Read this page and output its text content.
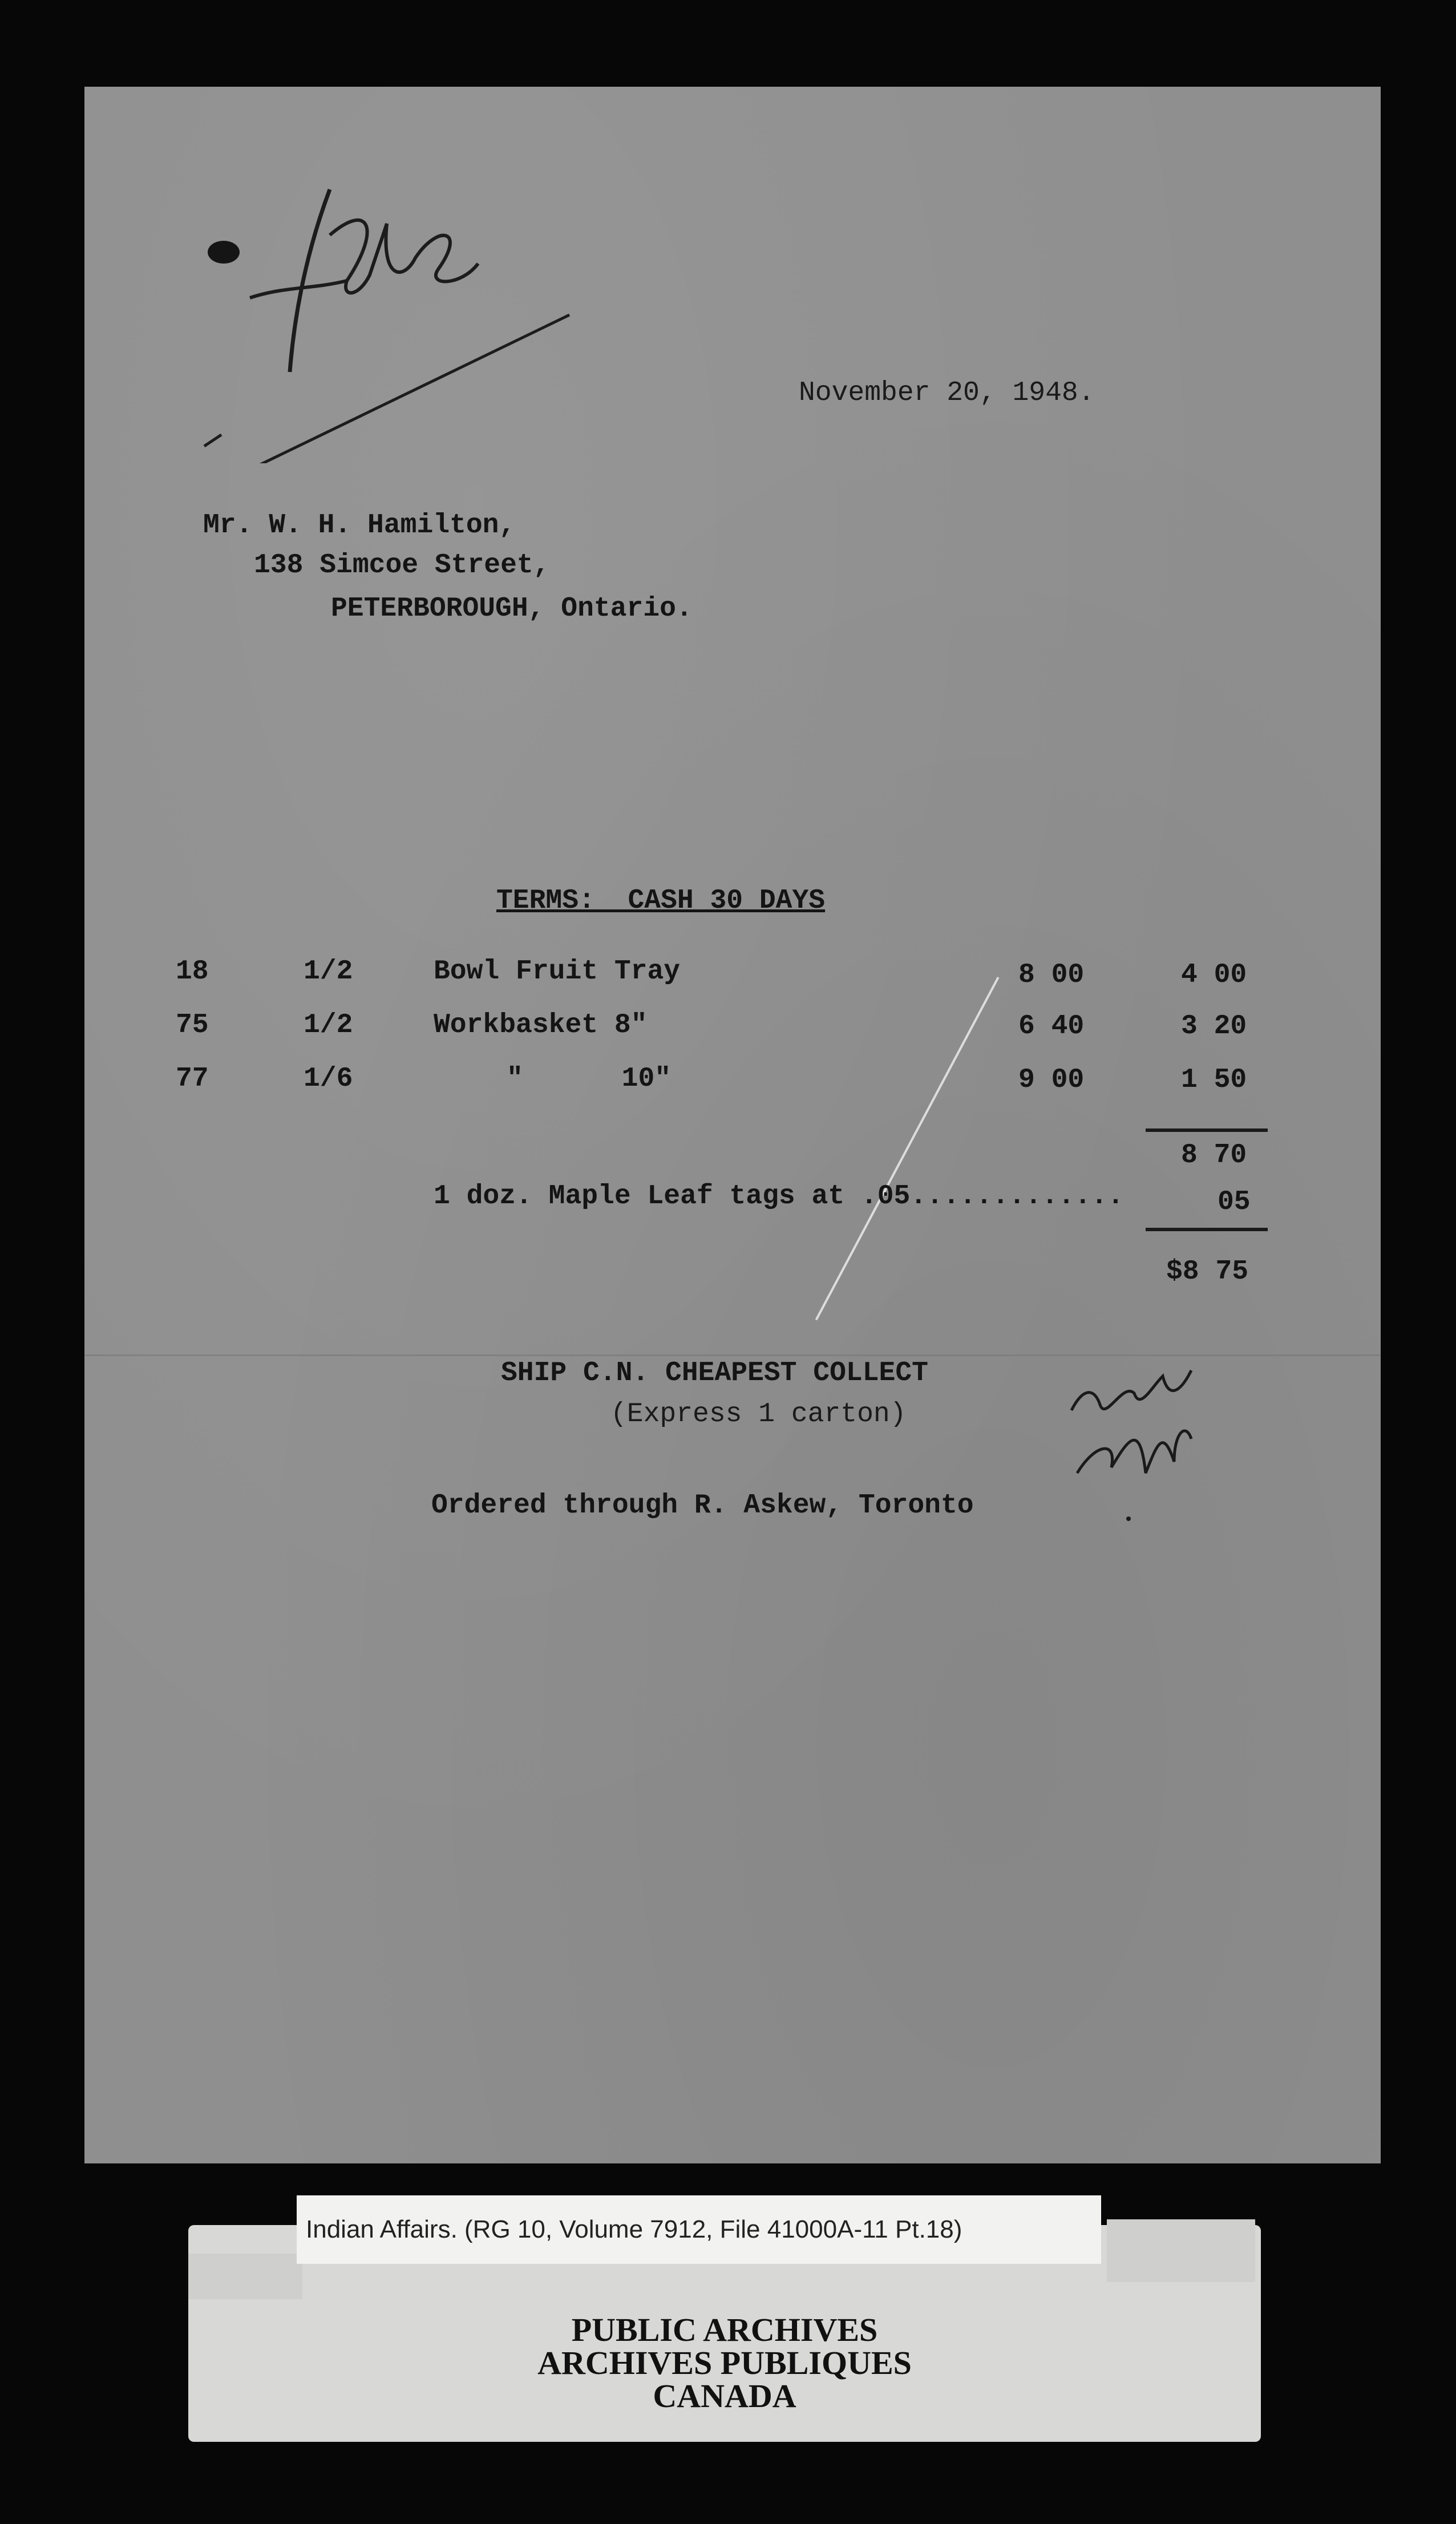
November 20, 1948.
Mr. W. H. Hamilton,
138 Simcoe Street,
PETERBOROUGH, Ontario.
TERMS:  CASH 30 DAYS
18	1/2	Bowl Fruit Tray	8 00	4 00
75	1/2	Workbasket 8"	6 40	3 20
77	1/6	"      10"	9 00	1 50
8 70
1 doz. Maple Leaf tags at .05.............	05
$8 75
SHIP C.N. CHEAPEST COLLECT
(Express 1 carton)
Ordered through R. Askew, Toronto
PUBLIC ARCHIVES
ARCHIVES PUBLIQUES
CANADA
Indian Affairs. (RG 10, Volume 7912, File 41000A-11 Pt.18)
